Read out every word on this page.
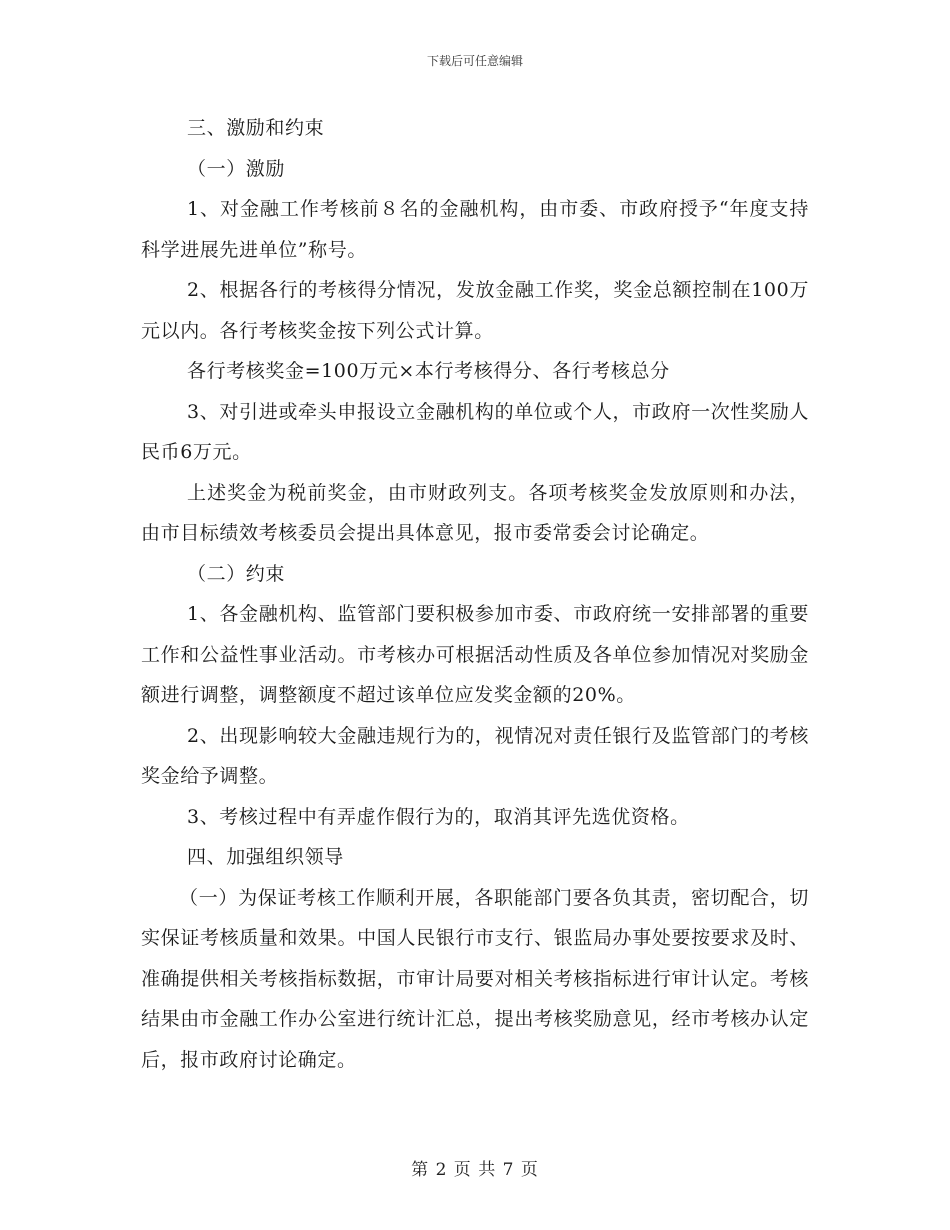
下载后可任意编辑

三、激励和约束

（一）激励

1、对金融工作考核前８名的金融机构，由市委、市政府授予“年度支持科学进展先进单位”称号。

2、根据各行的考核得分情况，发放金融工作奖，奖金总额控制在100万元以内。各行考核奖金按下列公式计算。

各行考核奖金=100万元×本行考核得分、各行考核总分

3、对引进或牵头申报设立金融机构的单位或个人，市政府一次性奖励人民币6万元。

上述奖金为税前奖金，由市财政列支。各项考核奖金发放原则和办法，由市目标绩效考核委员会提出具体意见，报市委常委会讨论确定。

（二）约束

1、各金融机构、监管部门要积极参加市委、市政府统一安排部署的重要工作和公益性事业活动。市考核办可根据活动性质及各单位参加情况对奖励金额进行调整，调整额度不超过该单位应发奖金额的20%。

2、出现影响较大金融违规行为的，视情况对责任银行及监管部门的考核奖金给予调整。

3、考核过程中有弄虚作假行为的，取消其评先选优资格。

四、加强组织领导

（一）为保证考核工作顺利开展，各职能部门要各负其责，密切配合，切实保证考核质量和效果。中国人民银行市支行、银监局办事处要按要求及时、准确提供相关考核指标数据，市审计局要对相关考核指标进行审计认定。考核结果由市金融工作办公室进行统计汇总，提出考核奖励意见，经市考核办认定后，报市政府讨论确定。

第 2 页 共 7 页
